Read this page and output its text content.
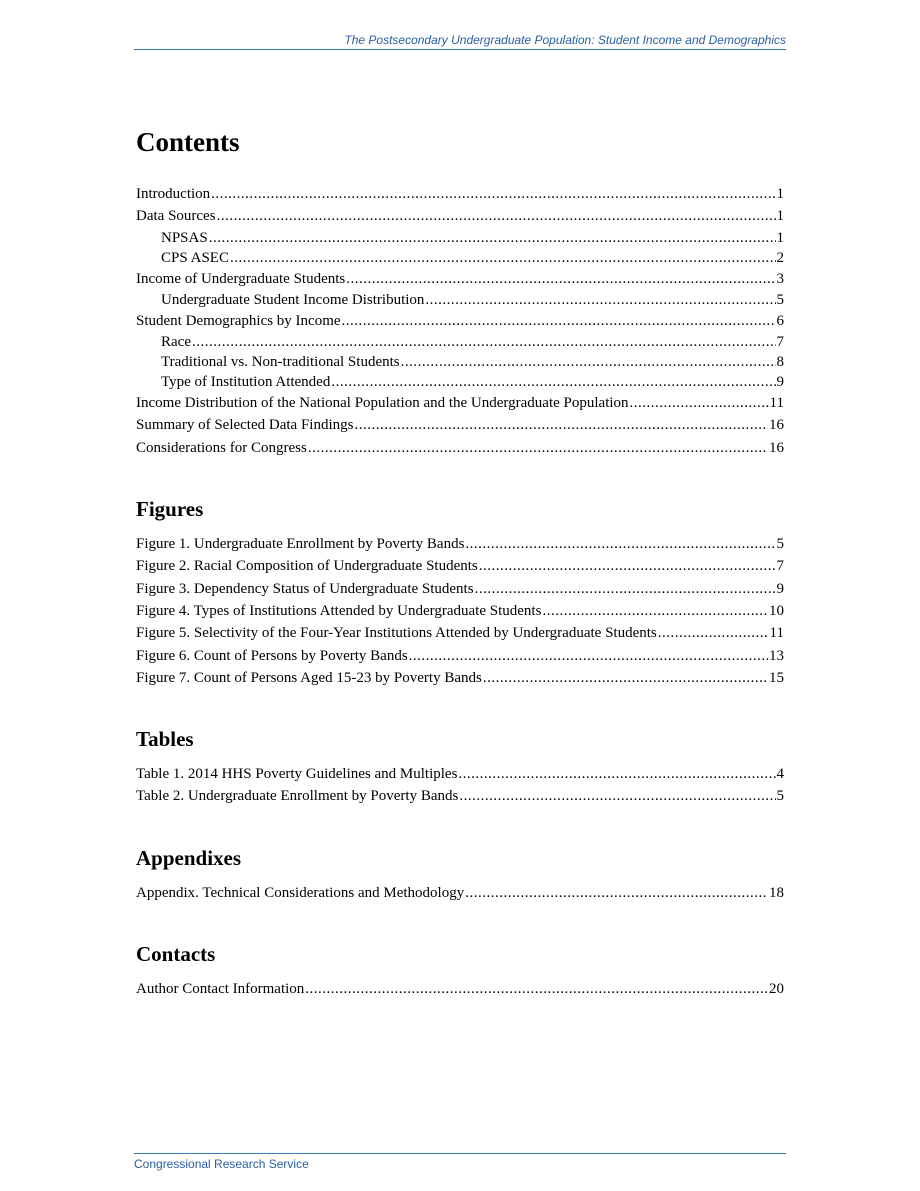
The Postsecondary Undergraduate Population: Student Income and Demographics
Contents
Introduction .....	1
Data Sources .....	1
NPSAS .....	1
CPS ASEC .....	2
Income of Undergraduate Students .....	3
Undergraduate Student Income Distribution .....	5
Student Demographics by Income .....	6
Race .....	7
Traditional vs. Non-traditional Students .....	8
Type of Institution Attended .....	9
Income Distribution of the National Population and the Undergraduate Population .....	11
Summary of Selected Data Findings .....	16
Considerations for Congress .....	16
Figures
Figure 1. Undergraduate Enrollment by Poverty Bands .....	5
Figure 2. Racial Composition of Undergraduate Students .....	7
Figure 3. Dependency Status of Undergraduate Students .....	9
Figure 4. Types of Institutions Attended by Undergraduate Students .....	10
Figure 5. Selectivity of the Four-Year Institutions Attended by Undergraduate Students .....	11
Figure 6. Count of Persons by Poverty Bands .....	13
Figure 7. Count of Persons Aged 15-23 by Poverty Bands .....	15
Tables
Table 1. 2014 HHS Poverty Guidelines and Multiples .....	4
Table 2. Undergraduate Enrollment by Poverty Bands .....	5
Appendixes
Appendix. Technical Considerations and Methodology .....	18
Contacts
Author Contact Information .....	20
Congressional Research Service
